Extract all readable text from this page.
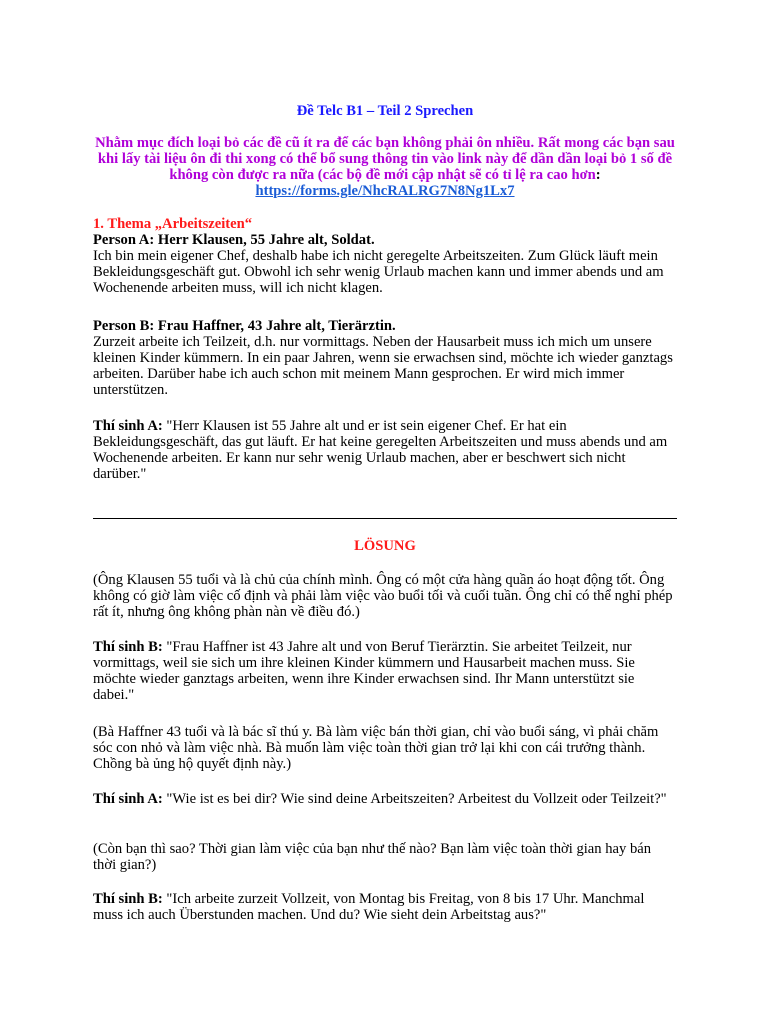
Đề Telc B1 – Teil 2 Sprechen
Nhằm mục đích loại bỏ các đề cũ ít ra để các bạn không phải ôn nhiều. Rất mong các bạn sau khi lấy tài liệu ôn đi thi xong có thể bổ sung thông tin vào link này để dần dần loại bỏ 1 số đề không còn được ra nữa (các bộ đề mới cập nhật sẽ có tỉ lệ ra cao hơn: https://forms.gle/NhcRALRG7N8Ng1Lx7

1. Thema „Arbeitszeiten“

Person A: Herr Klausen, 55 Jahre alt, Soldat.

Ich bin mein eigener Chef, deshalb habe ich nicht geregelte Arbeitszeiten. Zum Glück läuft mein Bekleidungsgeschäft gut. Obwohl ich sehr wenig Urlaub machen kann und immer abends und am Wochenende arbeiten muss, will ich nicht klagen.

Person B: Frau Haffner, 43 Jahre alt, Tierärztin.

Zurzeit arbeite ich Teilzeit, d.h. nur vormittags. Neben der Hausarbeit muss ich mich um unsere kleinen Kinder kümmern. In ein paar Jahren, wenn sie erwachsen sind, möchte ich wieder ganztags arbeiten. Darüber habe ich auch schon mit meinem Mann gesprochen. Er wird mich immer unterstützen.

Thí sinh A: "Herr Klausen ist 55 Jahre alt und er ist sein eigener Chef. Er hat ein Bekleidungsgeschäft, das gut läuft. Er hat keine geregelten Arbeitszeiten und muss abends und am Wochenende arbeiten. Er kann nur sehr wenig Urlaub machen, aber er beschwert sich nicht darüber."
LÖSUNG
(Ông Klausen 55 tuổi và là chủ của chính mình. Ông có một cửa hàng quần áo hoạt động tốt. Ông không có giờ làm việc cố định và phải làm việc vào buổi tối và cuối tuần. Ông chỉ có thể nghỉ phép rất ít, nhưng ông không phàn nàn về điều đó.)
Thí sinh B: "Frau Haffner ist 43 Jahre alt und von Beruf Tierärztin. Sie arbeitet Teilzeit, nur vormittags, weil sie sich um ihre kleinen Kinder kümmern und Hausarbeit machen muss. Sie möchte wieder ganztags arbeiten, wenn ihre Kinder erwachsen sind. Ihr Mann unterstützt sie dabei."
(Bà Haffner 43 tuổi và là bác sĩ thú y. Bà làm việc bán thời gian, chỉ vào buổi sáng, vì phải chăm sóc con nhỏ và làm việc nhà. Bà muốn làm việc toàn thời gian trở lại khi con cái trưởng thành. Chồng bà ủng hộ quyết định này.)
Thí sinh A: "Wie ist es bei dir? Wie sind deine Arbeitszeiten? Arbeitest du Vollzeit oder Teilzeit?"
(Còn bạn thì sao? Thời gian làm việc của bạn như thế nào? Bạn làm việc toàn thời gian hay bán thời gian?)
Thí sinh B: "Ich arbeite zurzeit Vollzeit, von Montag bis Freitag, von 8 bis 17 Uhr. Manchmal muss ich auch Überstunden machen. Und du? Wie sieht dein Arbeitstag aus?"
